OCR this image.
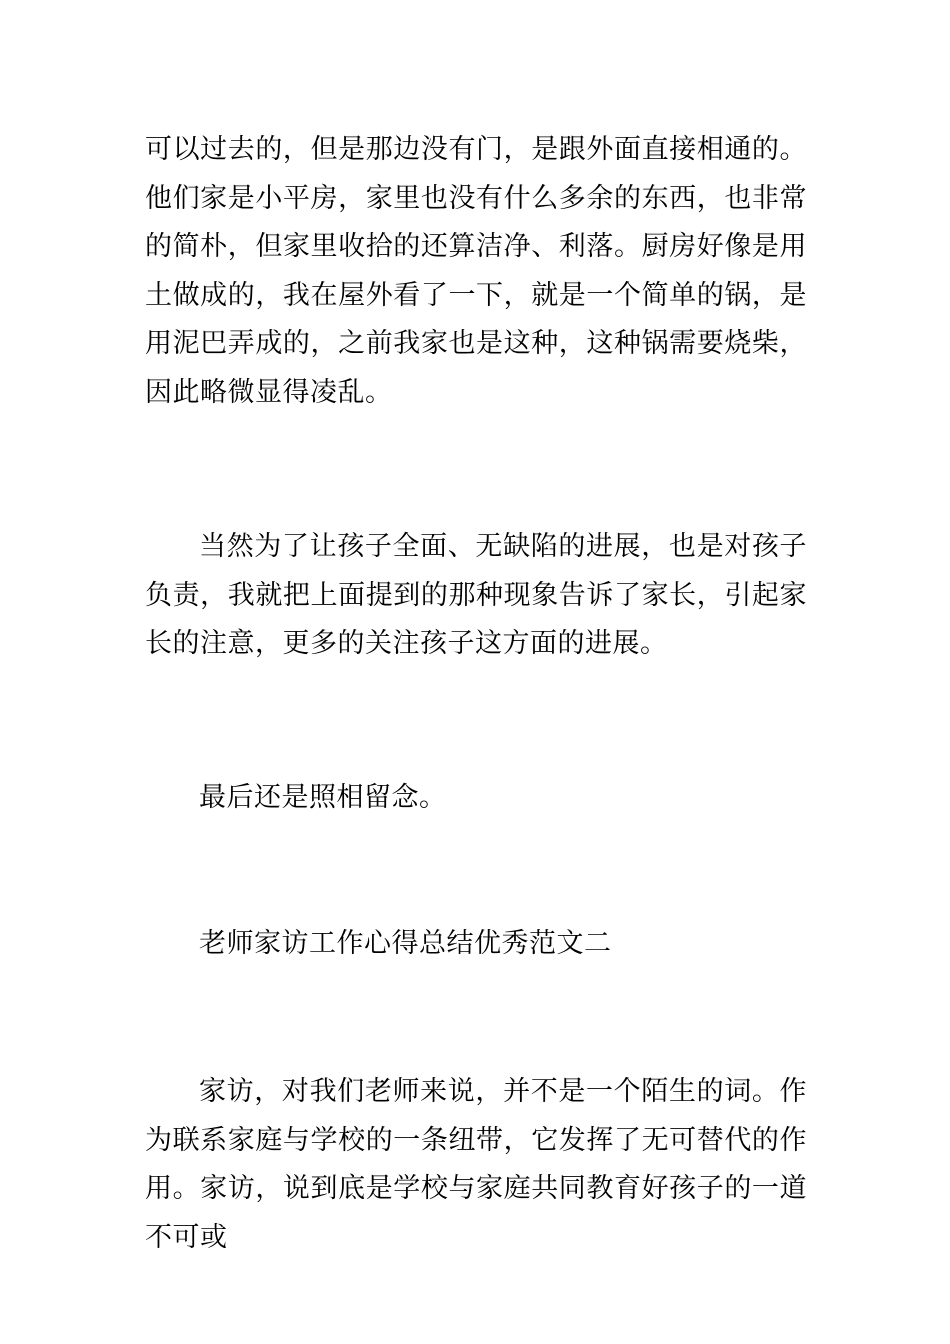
可以过去的，但是那边没有门，是跟外面直接相通的。他们家是小平房，家里也没有什么多余的东西，也非常的简朴，但家里收拾的还算洁净、利落。厨房好像是用土做成的，我在屋外看了一下，就是一个简单的锅，是用泥巴弄成的，之前我家也是这种，这种锅需要烧柴，因此略微显得凌乱。

当然为了让孩子全面、无缺陷的进展，也是对孩子负责，我就把上面提到的那种现象告诉了家长，引起家长的注意，更多的关注孩子这方面的进展。

最后还是照相留念。

老师家访工作心得总结优秀范文二

家访，对我们老师来说，并不是一个陌生的词。作为联系家庭与学校的一条纽带，它发挥了无可替代的作用。家访，说到底是学校与家庭共同教育好孩子的一道不可或
